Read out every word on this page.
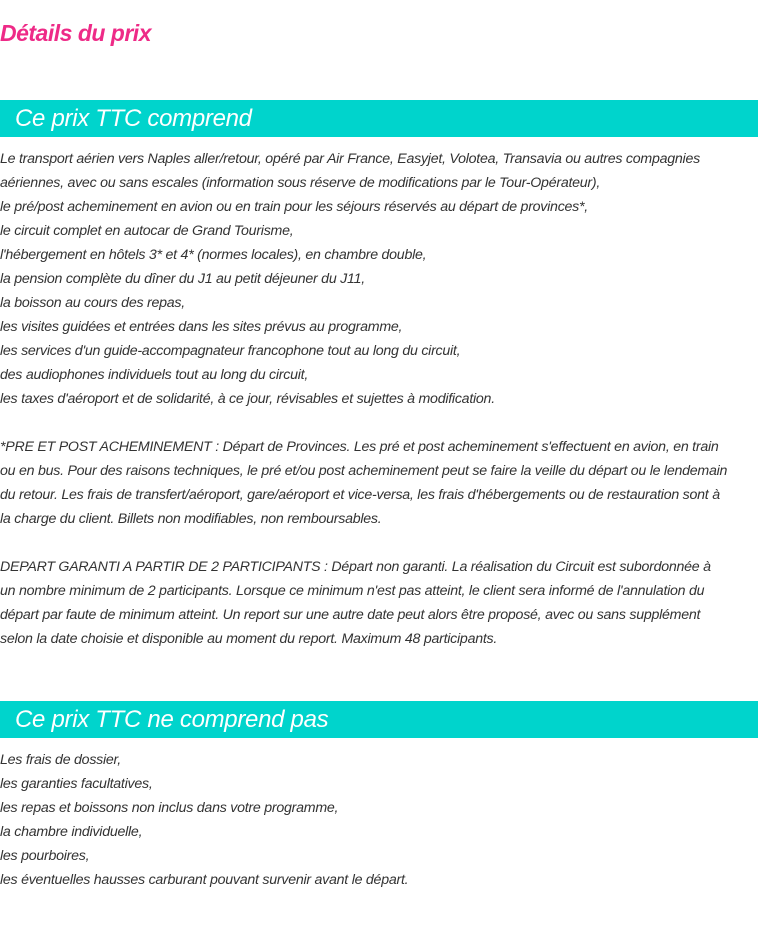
Détails du prix
Ce prix TTC comprend
Le transport aérien vers Naples aller/retour, opéré par Air France, Easyjet, Volotea, Transavia ou autres compagnies
aériennes, avec ou sans escales (information sous réserve de modifications par le Tour-Opérateur),
le pré/post acheminement en avion ou en train pour les séjours réservés au départ de provinces*,
le circuit complet en autocar de Grand Tourisme,
l'hébergement en hôtels 3* et 4* (normes locales), en chambre double,
la pension complète du dîner du J1 au petit déjeuner du J11,
la boisson au cours des repas,
les visites guidées et entrées dans les sites prévus au programme,
les services d'un guide-accompagnateur francophone tout au long du circuit,
des audiophones individuels tout au long du circuit,
les taxes d'aéroport et de solidarité, à ce jour, révisables et sujettes à modification.
*PRE ET POST ACHEMINEMENT : Départ de Provinces. Les pré et post acheminement s'effectuent en avion, en train
ou en bus. Pour des raisons techniques, le pré et/ou post acheminement peut se faire la veille du départ ou le lendemain
du retour. Les frais de transfert/aéroport, gare/aéroport et vice-versa, les frais d'hébergements ou de restauration sont à
la charge du client. Billets non modifiables, non remboursables.
DEPART GARANTI A PARTIR DE 2 PARTICIPANTS : Départ non garanti. La réalisation du Circuit est subordonnée à
un nombre minimum de 2 participants. Lorsque ce minimum n'est pas atteint, le client sera informé de l'annulation du
départ par faute de minimum atteint. Un report sur une autre date peut alors être proposé, avec ou sans supplément
selon la date choisie et disponible au moment du report. Maximum 48 participants.
Ce prix TTC ne comprend pas
Les frais de dossier,
les garanties facultatives,
les repas et boissons non inclus dans votre programme,
la chambre individuelle,
les pourboires,
les éventuelles hausses carburant pouvant survenir avant le départ.
